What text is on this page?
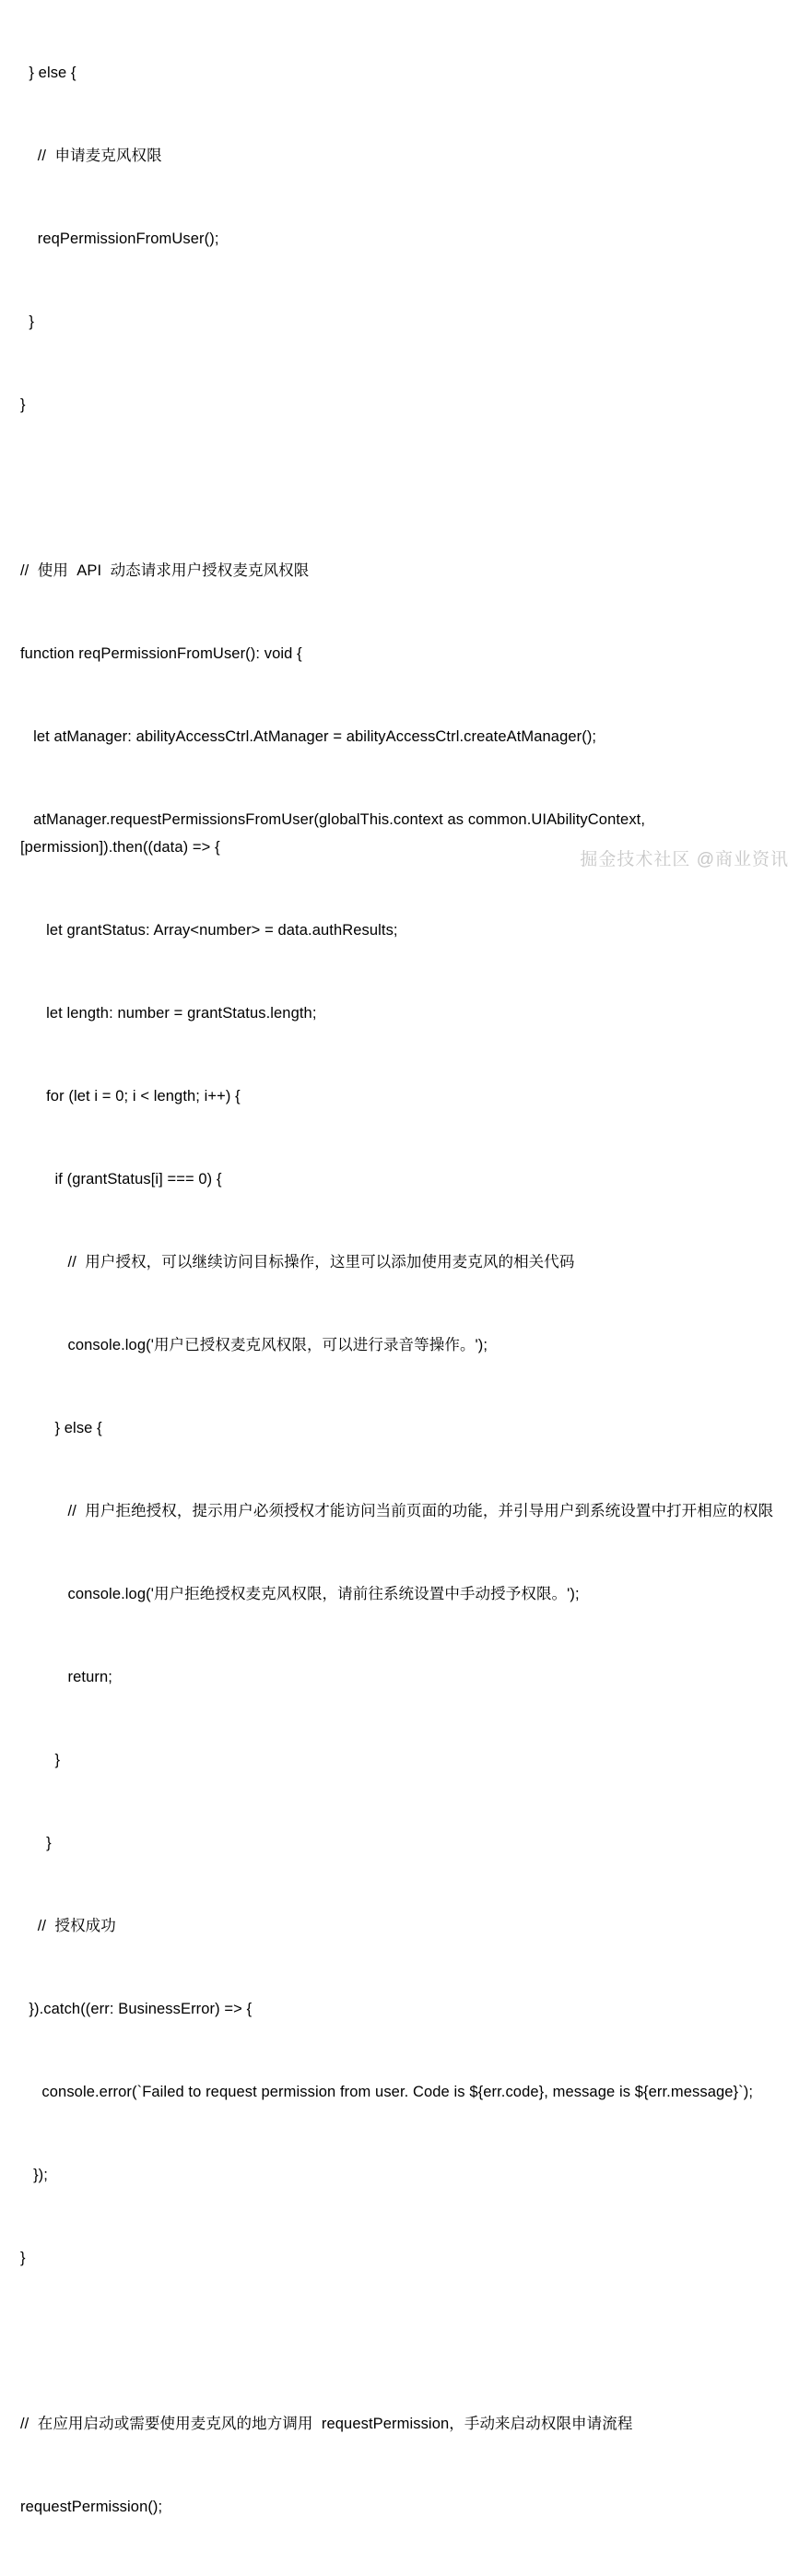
} else {

//  申请麦克风权限

reqPermissionFromUser();

}

}

//  使用  API  动态请求用户授权麦克风权限

function reqPermissionFromUser(): void {

let atManager: abilityAccessCtrl.AtManager = abilityAccessCtrl.createAtManager();

atManager.requestPermissionsFromUser(globalThis.context as common.UIAbilityContext, [permission]).then((data) => {

let grantStatus: Array<number> = data.authResults;

let length: number = grantStatus.length;

for (let i = 0; i < length; i++) {

if (grantStatus[i] === 0) {

//  用户授权，可以继续访问目标操作，这里可以添加使用麦克风的相关代码

console.log('用户已授权麦克风权限，可以进行录音等操作。');

} else {

//  用户拒绝授权，提示用户必须授权才能访问当前页面的功能，并引导用户到系统设置中打开相应的权限

console.log('用户拒绝授权麦克风权限，请前往系统设置中手动授予权限。');

return;

}

}

//  授权成功

}).catch((err: BusinessError) => {

console.error(`Failed to request permission from user. Code is ${err.code}, message is ${err.message}`);

});

}

//  在应用启动或需要使用麦克风的地方调用  requestPermission，手动来启动权限申请流程

requestPermission();

掘金技术社区 @商业资讯
